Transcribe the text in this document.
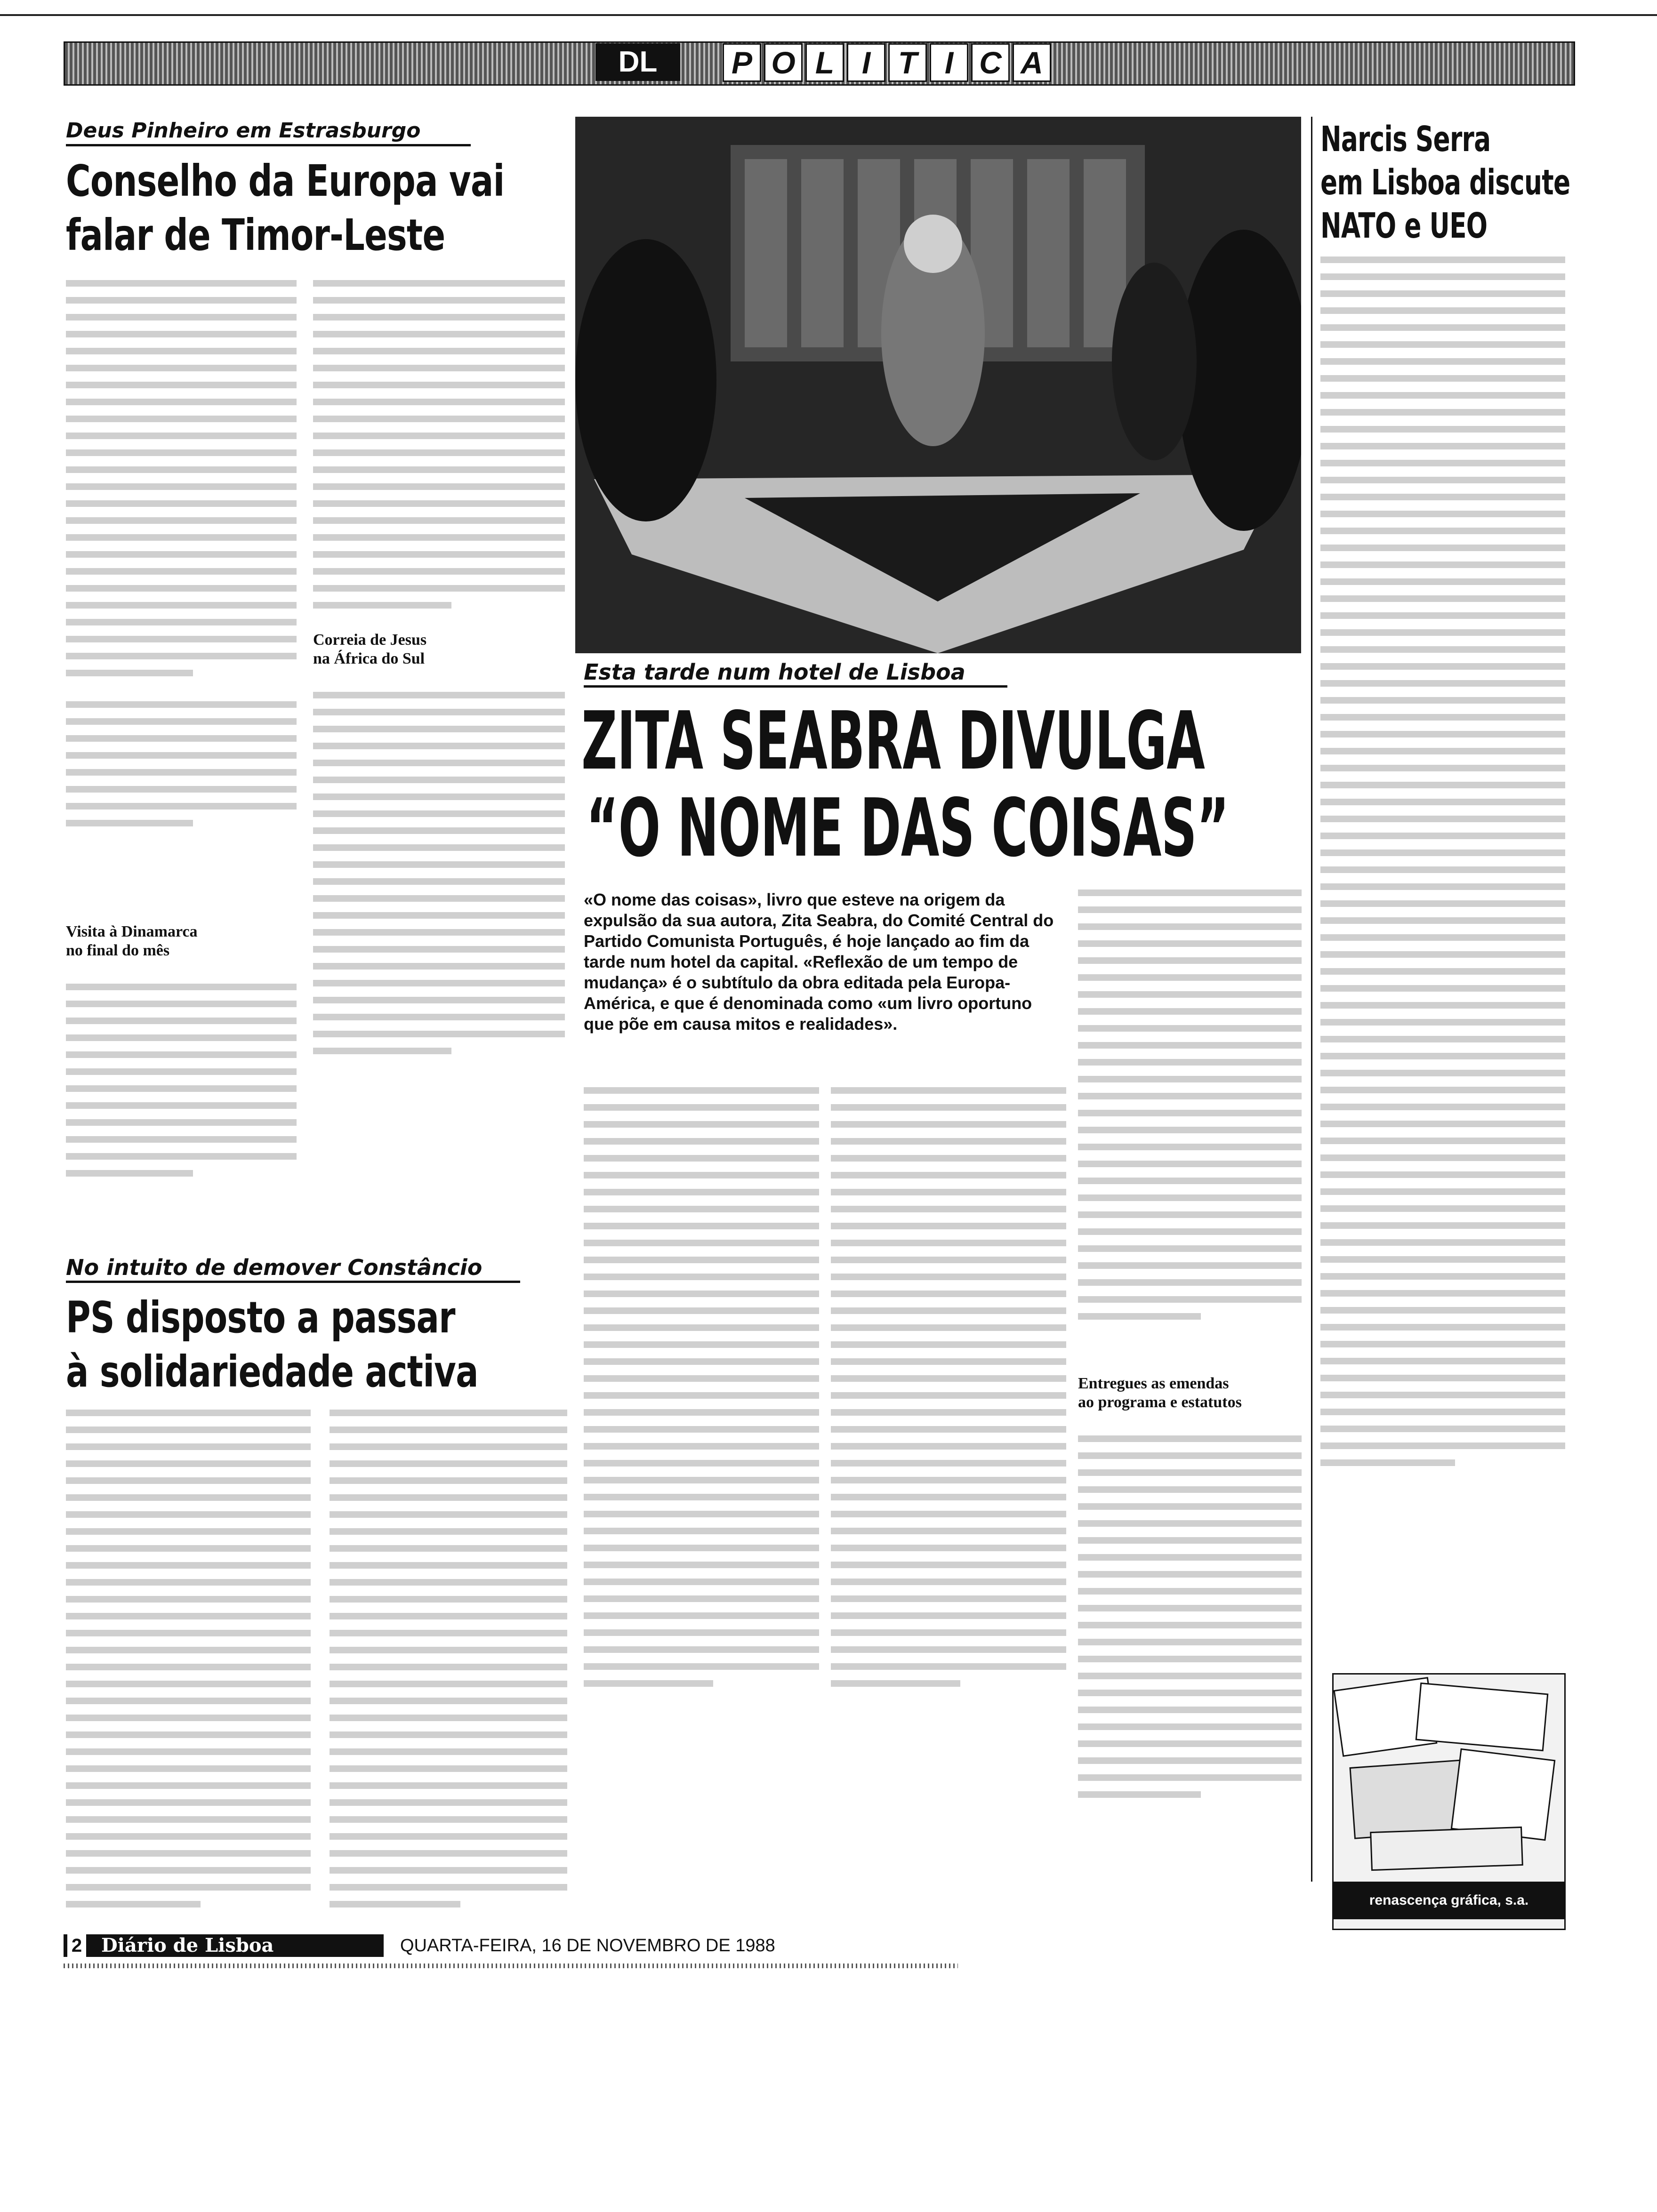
DL	P O L I T I C A
Deus Pinheiro em Estrasburgo
Conselho da Europa vai
falar de Timor-Leste
Visita à Dinamarca
no final do mês
Correia de Jesus
na África do Sul
No intuito de demover Constâncio
PS disposto a passar
à solidariedade activa
Esta tarde num hotel de Lisboa
ZITA SEABRA DIVULGA
“O NOME DAS COISAS”
«O nome das coisas», livro que esteve na origem da expulsão da sua autora, Zita Seabra, do Comité Central do Partido Comunista Português, é hoje lançado ao fim da tarde num hotel da capital. «Reflexão de um tempo de mudança» é o subtítulo da obra editada pela Europa-América, e que é denominada como «um livro oportuno que põe em causa mitos e realidades».
Entregues as emendas
ao programa e estatutos
Narcis Serra
em Lisboa discute
NATO e UEO
renascença gráfica, s.a.
2 Diário de Lisboa	QUARTA-FEIRA, 16 DE NOVEMBRO DE 1988
